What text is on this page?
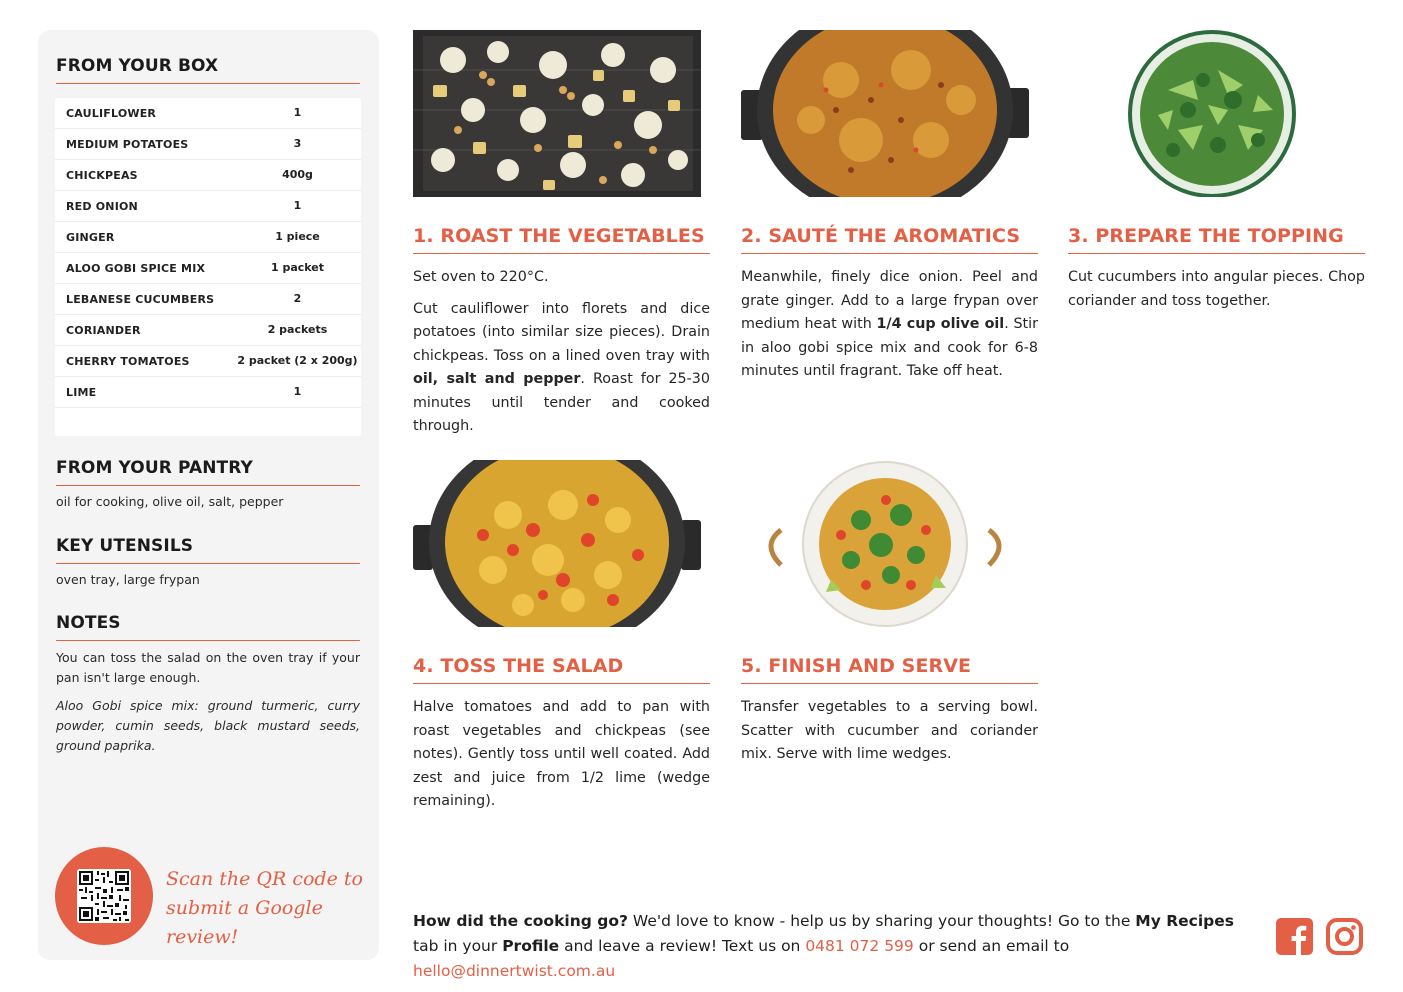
FROM YOUR BOX
CAULIFLOWER	1
MEDIUM POTATOES	3
CHICKPEAS	400g
RED ONION	1
GINGER	1 piece
ALOO GOBI SPICE MIX	1 packet
LEBANESE CUCUMBERS	2
CORIANDER	2 packets
CHERRY TOMATOES	2 packet (2 x 200g)
LIME	1
FROM YOUR PANTRY

oil for cooking, olive oil, salt, pepper

KEY UTENSILS

oven tray, large frypan

NOTES

You can toss the salad on the oven tray if your pan isn't large enough.

Aloo Gobi spice mix: ground turmeric, curry powder, cumin seeds, black mustard seeds, ground paprika.

Scan the QR code to
submit a Google review!
1. ROAST THE VEGETABLES

Set oven to 220°C.

Cut cauliflower into florets and dice potatoes (into similar size pieces). Drain chickpeas. Toss on a lined oven tray with oil, salt and pepper. Roast for 25-30 minutes until tender and cooked through.

2. SAUTÉ THE AROMATICS

Meanwhile, finely dice onion. Peel and grate ginger. Add to a large frypan over medium heat with 1/4 cup olive oil. Stir in aloo gobi spice mix and cook for 6-8 minutes until fragrant. Take off heat.

3. PREPARE THE TOPPING

Cut cucumbers into angular pieces. Chop coriander and toss together.

4. TOSS THE SALAD

Halve tomatoes and add to pan with roast vegetables and chickpeas (see notes). Gently toss until well coated. Add zest and juice from 1/2 lime (wedge remaining).

5. FINISH AND SERVE

Transfer vegetables to a serving bowl. Scatter with cucumber and coriander mix. Serve with lime wedges.

How did the cooking go? We'd love to know - help us by sharing your thoughts! Go to the My Recipes tab in your Profile and leave a review! Text us on 0481 072 599 or send an email to hello@dinnertwist.com.au
